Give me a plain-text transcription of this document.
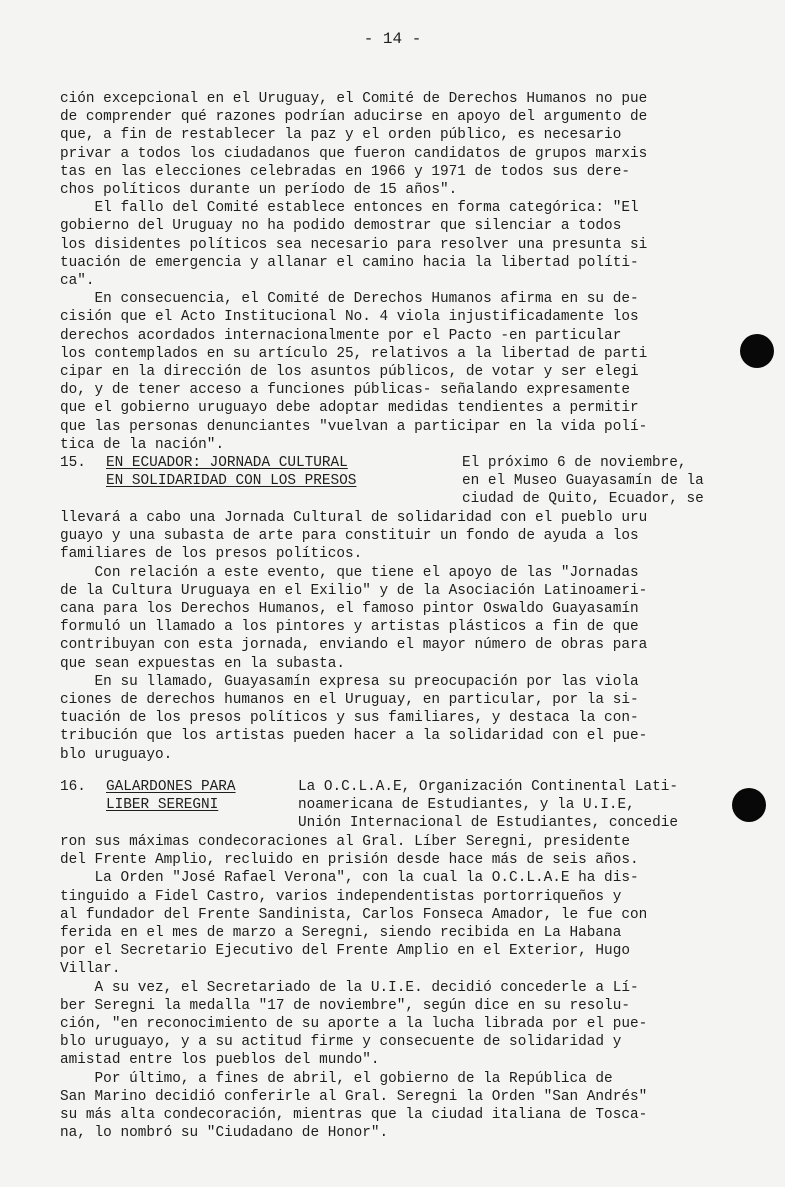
- 14 -
ción excepcional en el Uruguay, el Comité de Derechos Humanos no pue
de comprender qué razones podrían aducirse en apoyo del argumento de
que, a fin de restablecer la paz y el orden público, es necesario
privar a todos los ciudadanos que fueron candidatos de grupos marxis
tas en las elecciones celebradas en 1966 y 1971 de todos sus dere-
chos políticos durante un período de 15 años".
El fallo del Comité establece entonces en forma categórica: "El
gobierno del Uruguay no ha podido demostrar que silenciar a todos
los disidentes políticos sea necesario para resolver una presunta si
tuación de emergencia y allanar el camino hacia la libertad políti-
ca".
En consecuencia, el Comité de Derechos Humanos afirma en su de-
cisión que el Acto Institucional No. 4 viola injustificadamente los
derechos acordados internacionalmente por el Pacto -en particular
los contemplados en su artículo 25, relativos a la libertad de parti
cipar en la dirección de los asuntos públicos, de votar y ser elegi
do, y de tener acceso a funciones públicas- señalando expresamente
que el gobierno uruguayo debe adoptar medidas tendientes a permitir
que las personas denunciantes "vuelvan a participar en la vida polí-
tica de la nación".
15. EN ECUADOR: JORNADA CULTURAL
EN SOLIDARIDAD CON LOS PRESOS
El próximo 6 de noviembre,
en el Museo Guayasamín de la
ciudad de Quito, Ecuador, se
llevará a cabo una Jornada Cultural de solidaridad con el pueblo uru
guayo y una subasta de arte para constituir un fondo de ayuda a los
familiares de los presos políticos.
Con relación a este evento, que tiene el apoyo de las "Jornadas
de la Cultura Uruguaya en el Exilio" y de la Asociación Latinoameri-
cana para los Derechos Humanos, el famoso pintor Oswaldo Guayasamín
formuló un llamado a los pintores y artistas plásticos a fin de que
contribuyan con esta jornada, enviando el mayor número de obras para
que sean expuestas en la subasta.
En su llamado, Guayasamín expresa su preocupación por las viola
ciones de derechos humanos en el Uruguay, en particular, por la si-
tuación de los presos políticos y sus familiares, y destaca la con-
tribución que los artistas pueden hacer a la solidaridad con el pue-
blo uruguayo.
16. GALARDONES PARA
LIBER SEREGNI
La O.C.L.A.E, Organización Continental Lati-
noamericana de Estudiantes, y la U.I.E,
Unión Internacional de Estudiantes, concedie
ron sus máximas condecoraciones al Gral. Líber Seregni, presidente
del Frente Amplio, recluido en prisión desde hace más de seis años.
La Orden "José Rafael Verona", con la cual la O.C.L.A.E ha dis-
tinguido a Fidel Castro, varios independentistas portorriqueños y
al fundador del Frente Sandinista, Carlos Fonseca Amador, le fue con
ferida en el mes de marzo a Seregni, siendo recibida en La Habana
por el Secretario Ejecutivo del Frente Amplio en el Exterior, Hugo
Villar.
A su vez, el Secretariado de la U.I.E. decidió concederle a Lí-
ber Seregni la medalla "17 de noviembre", según dice en su resolu-
ción, "en reconocimiento de su aporte a la lucha librada por el pue-
blo uruguayo, y a su actitud firme y consecuente de solidaridad y
amistad entre los pueblos del mundo".
Por último, a fines de abril, el gobierno de la República de
San Marino decidió conferirle al Gral. Seregni la Orden "San Andrés"
su más alta condecoración, mientras que la ciudad italiana de Tosca-
na, lo nombró su "Ciudadano de Honor".
